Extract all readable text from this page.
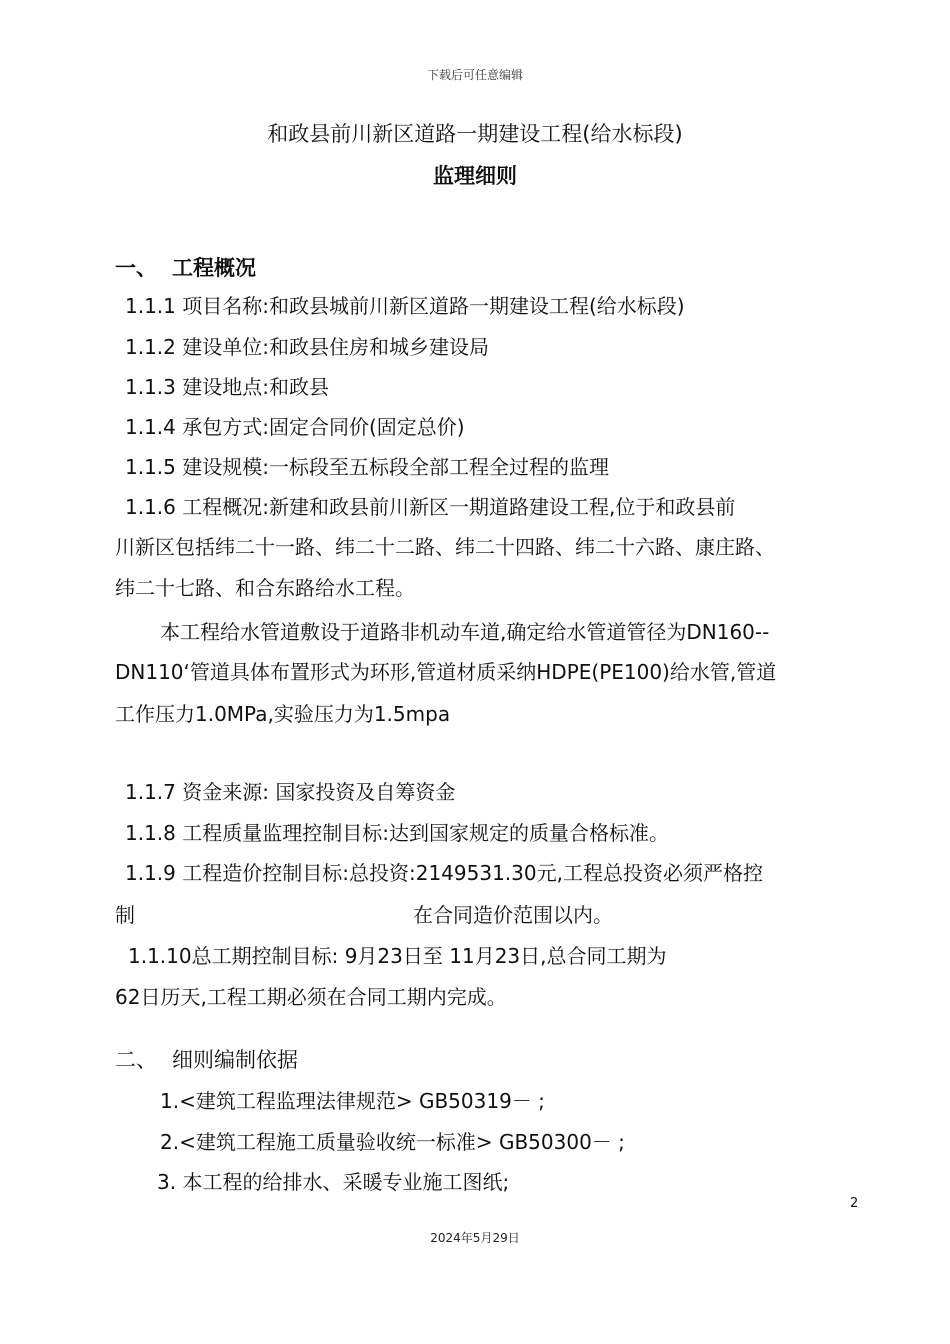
下载后可任意编辑
和政县前川新区道路一期建设工程(给水标段)
监理细则
一、 工程概况
1.1.1 项目名称:和政县城前川新区道路一期建设工程(给水标段)
1.1.2 建设单位:和政县住房和城乡建设局
1.1.3 建设地点:和政县
1.1.4 承包方式:固定合同价(固定总价)
1.1.5 建设规模:一标段至五标段全部工程全过程的监理
1.1.6 工程概况:新建和政县前川新区一期道路建设工程,位于和政县前
川新区包括纬二十一路、纬二十二路、纬二十四路、纬二十六路、康庄路、
纬二十七路、和合东路给水工程。
本工程给水管道敷设于道路非机动车道,确定给水管道管径为DN160--
DN110‘管道具体布置形式为环形,管道材质采纳HDPE(PE100)给水管,管道
工作压力1.0MPa,实验压力为1.5mpa
1.1.7 资金来源: 国家投资及自筹资金
1.1.8 工程质量监理控制目标:达到国家规定的质量合格标准。
1.1.9 工程造价控制目标:总投资:2149531.30元,工程总投资必须严格控
制	在合同造价范围以内。
1.1.10总工期控制目标: 9月23日至 11月23日,总合同工期为
62日历天,工程工期必须在合同工期内完成。
二、 细则编制依据
1.<建筑工程监理法律规范> GB50319－ ;
2.<建筑工程施工质量验收统一标准> GB50300－ ;
3. 本工程的给排水、采暖专业施工图纸;
2
2024年5月29日
